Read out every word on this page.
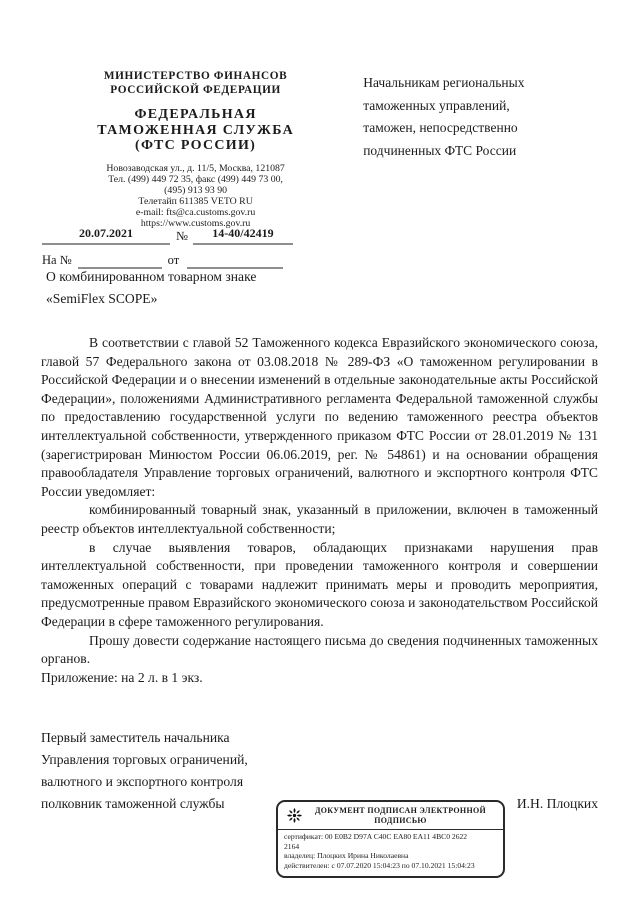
МИНИСТЕРСТВО ФИНАНСОВ
РОССИЙСКОЙ ФЕДЕРАЦИИ
ФЕДЕРАЛЬНАЯ
ТАМОЖЕННАЯ СЛУЖБА
(ФТС РОССИИ)
Новозаводская ул., д. 11/5, Москва, 121087
Тел. (499) 449 72 35, факс (499) 449 73 00,
(495) 913 93 90
Телетайп 611385 VETO RU
e-mail: fts@ca.customs.gov.ru
https://www.customs.gov.ru
Начальникам региональных
таможенных управлений,
таможен, непосредственно
подчиненных ФТС России
20.07.2021	№	14-40/42419
На №	от
О комбинированном товарном знаке
«SemiFlex SCOPE»

В соответствии с главой 52 Таможенного кодекса Евразийского экономического союза, главой 57 Федерального закона от 03.08.2018 № 289-ФЗ «О таможенном регулировании в Российской Федерации и о внесении изменений в отдельные законодательные акты Российской Федерации», положениями Административного регламента Федеральной таможенной службы по предоставлению государственной услуги по ведению таможенного реестра объектов интеллектуальной собственности, утвержденного приказом ФТС России от 28.01.2019 № 131 (зарегистрирован Минюстом России 06.06.2019, рег. № 54861) и на основании обращения правообладателя Управление торговых ограничений, валютного и экспортного контроля ФТС России уведомляет:

комбинированный товарный знак, указанный в приложении, включен в таможенный реестр объектов интеллектуальной собственности;

в случае выявления товаров, обладающих признаками нарушения прав интеллектуальной собственности, при проведении таможенного контроля и совершении таможенных операций с товарами надлежит принимать меры и проводить мероприятия, предусмотренные правом Евразийского экономического союза и законодательством Российской Федерации в сфере таможенного регулирования.

Прошу довести содержание настоящего письма до сведения подчиненных таможенных органов.

Приложение: на 2 л. в 1 экз.

Первый заместитель начальника
Управления торговых ограничений,
валютного и экспортного контроля
полковник таможенной службы	И.Н. Плоцких
ДОКУМЕНТ ПОДПИСАН ЭЛЕКТРОННОЙ
ПОДПИСЬЮ
сертификат: 00 E0B2 D97A C40C EA80 EA11 4BC0 2622 2164
владелец: Плоцких Ирина Николаевна
действителен: с 07.07.2020 15:04:23 по 07.10.2021 15:04:23
